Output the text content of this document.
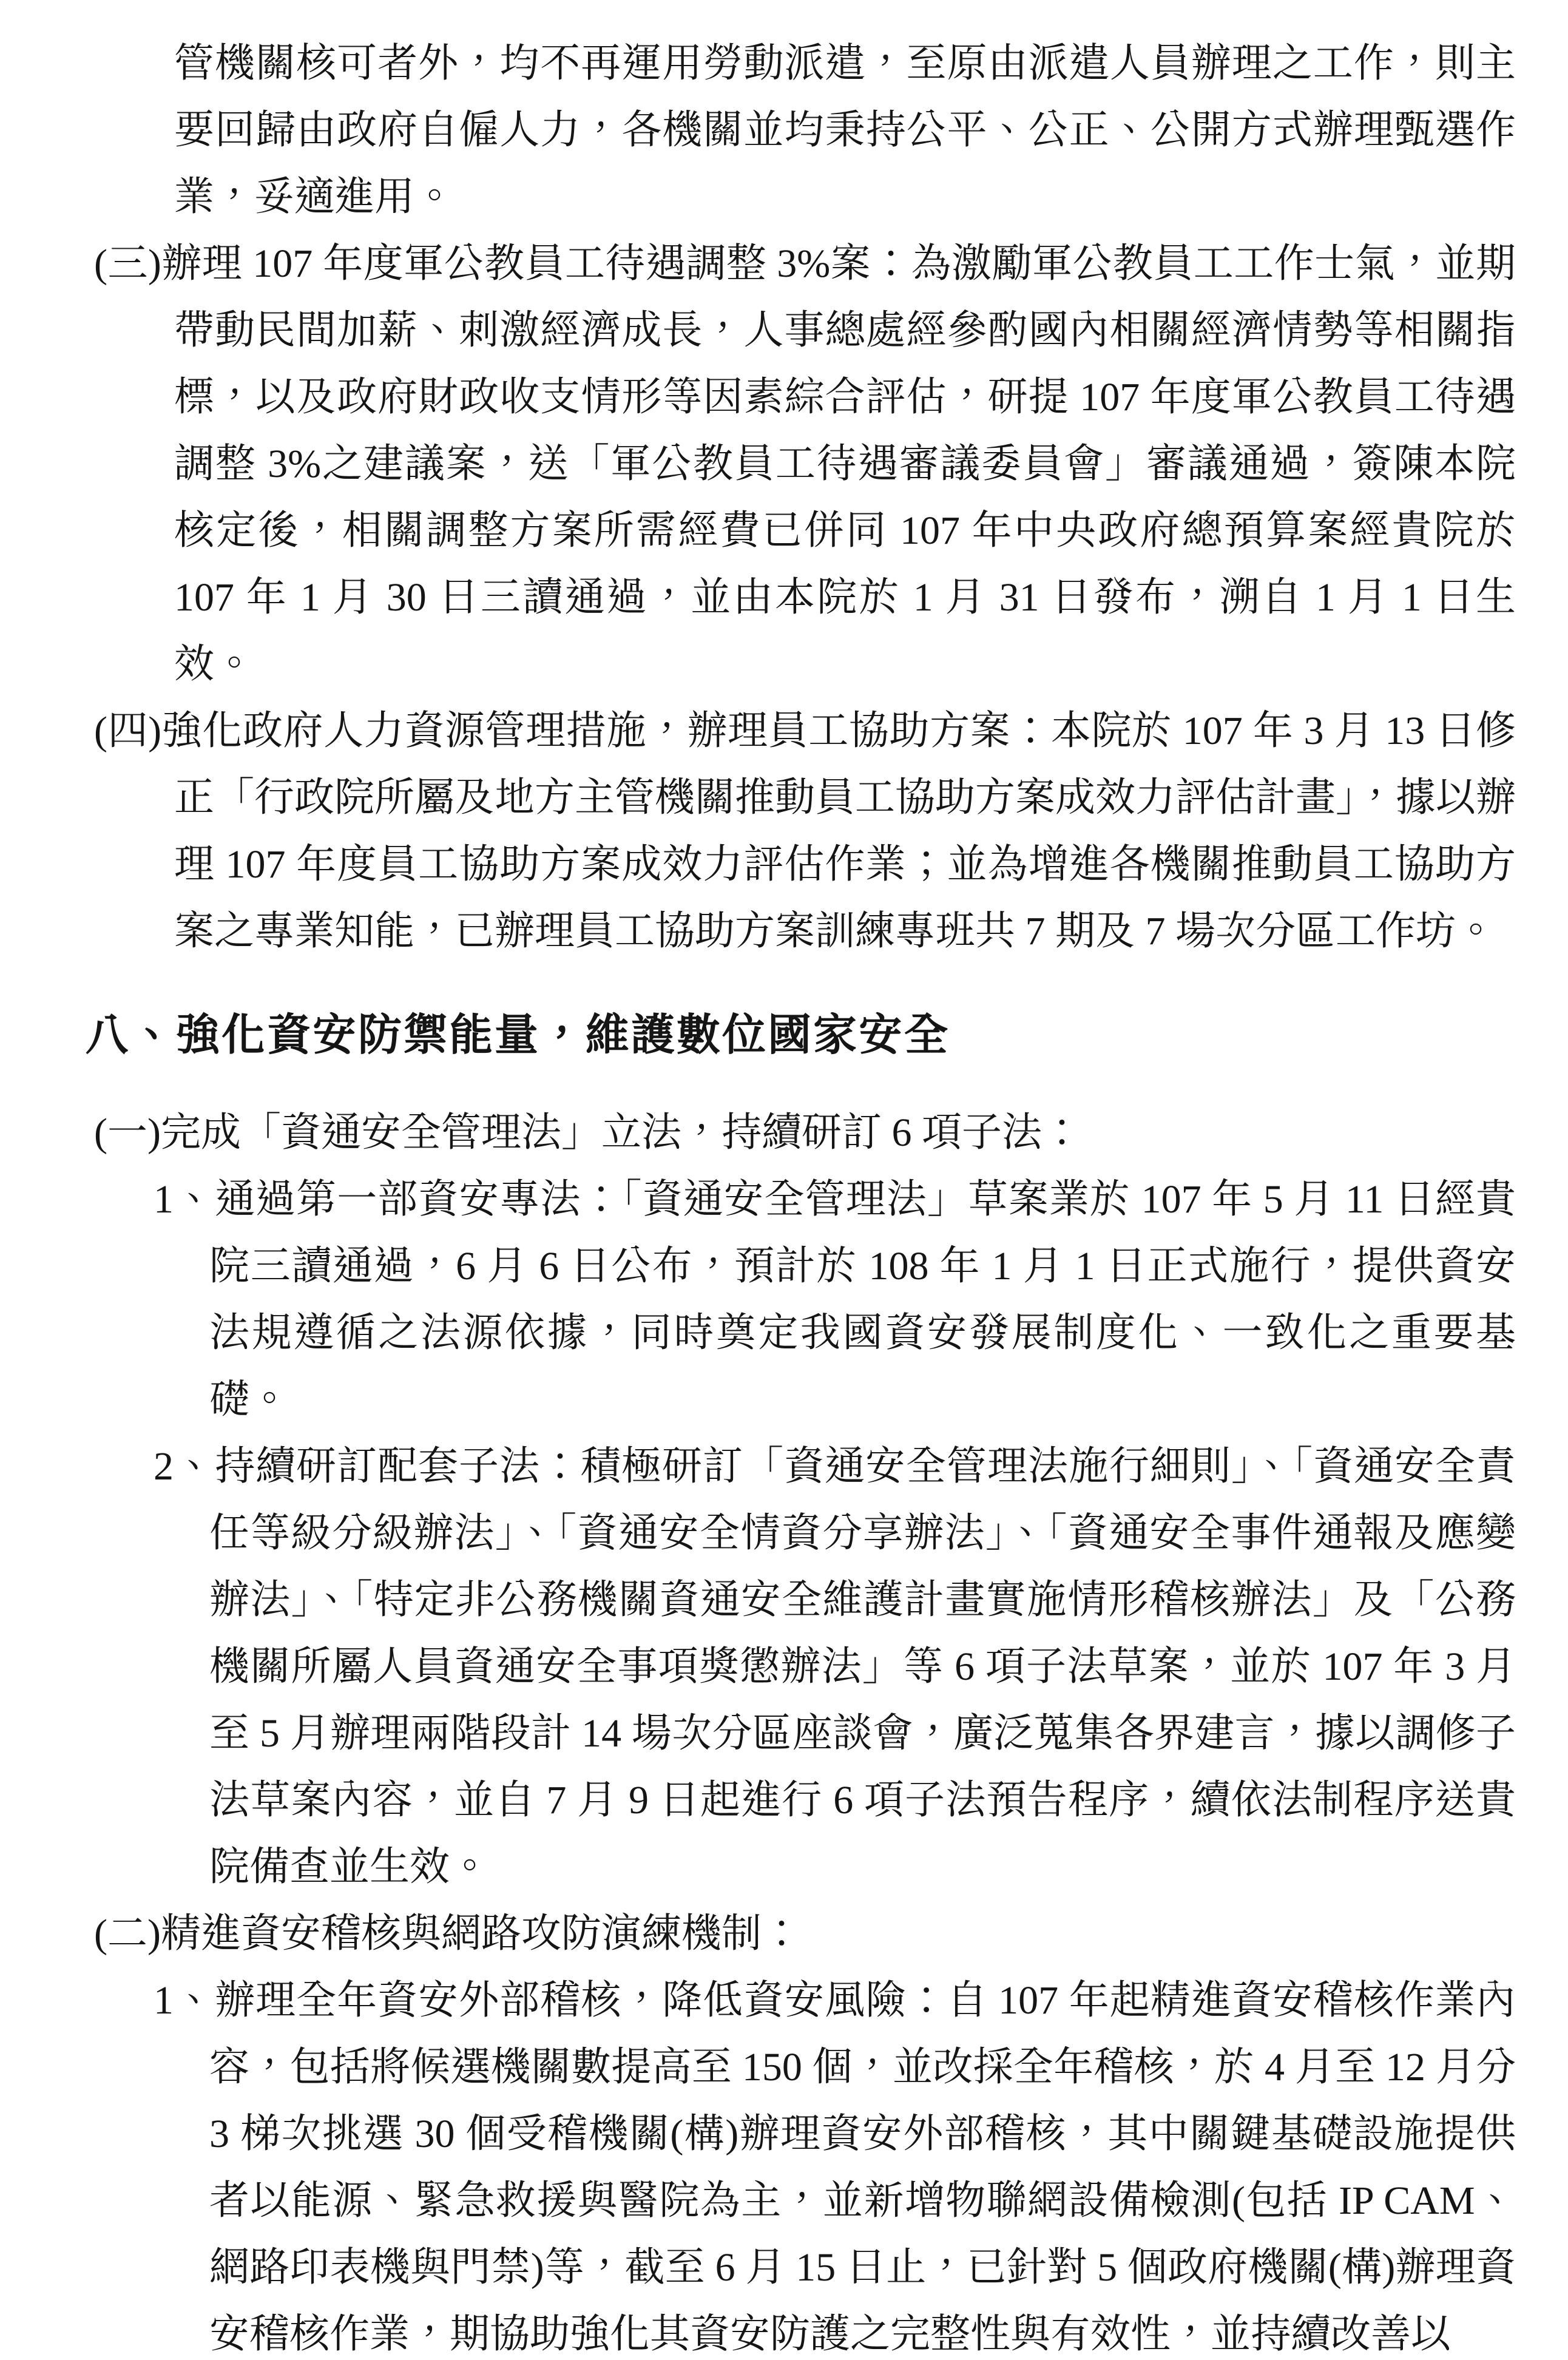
管機關核可者外，均不再運用勞動派遣，至原由派遣人員辦理之工作，則主要回歸由政府自僱人力，各機關並均秉持公平、公正、公開方式辦理甄選作業，妥適進用。

(三)辦理 107 年度軍公教員工待遇調整 3%案：為激勵軍公教員工工作士氣，並期帶動民間加薪、刺激經濟成長，人事總處經參酌國內相關經濟情勢等相關指標，以及政府財政收支情形等因素綜合評估，研提 107 年度軍公教員工待遇調整 3%之建議案，送「軍公教員工待遇審議委員會」審議通過，簽陳本院核定後，相關調整方案所需經費已併同 107 年中央政府總預算案經貴院於 107 年 1 月 30 日三讀通過，並由本院於 1 月 31 日發布，溯自 1 月 1 日生效。

(四)強化政府人力資源管理措施，辦理員工協助方案：本院於 107 年 3 月 13 日修正「行政院所屬及地方主管機關推動員工協助方案成效力評估計畫」，據以辦理 107 年度員工協助方案成效力評估作業；並為增進各機關推動員工協助方案之專業知能，已辦理員工協助方案訓練專班共 7 期及 7 場次分區工作坊。

八、強化資安防禦能量，維護數位國家安全

(一)完成「資通安全管理法」立法，持續研訂 6 項子法：

1、通過第一部資安專法：「資通安全管理法」草案業於 107 年 5 月 11 日經貴院三讀通過，6 月 6 日公布，預計於 108 年 1 月 1 日正式施行，提供資安法規遵循之法源依據，同時奠定我國資安發展制度化、一致化之重要基礎。

2、持續研訂配套子法：積極研訂「資通安全管理法施行細則」、「資通安全責任等級分級辦法」、「資通安全情資分享辦法」、「資通安全事件通報及應變辦法」、「特定非公務機關資通安全維護計畫實施情形稽核辦法」及「公務機關所屬人員資通安全事項獎懲辦法」等 6 項子法草案，並於 107 年 3 月至 5 月辦理兩階段計 14 場次分區座談會，廣泛蒐集各界建言，據以調修子法草案內容，並自 7 月 9 日起進行 6 項子法預告程序，續依法制程序送貴院備查並生效。

(二)精進資安稽核與網路攻防演練機制：

1、辦理全年資安外部稽核，降低資安風險：自 107 年起精進資安稽核作業內容，包括將候選機關數提高至 150 個，並改採全年稽核，於 4 月至 12 月分 3 梯次挑選 30 個受稽機關(構)辦理資安外部稽核，其中關鍵基礎設施提供者以能源、緊急救援與醫院為主，並新增物聯網設備檢測(包括 IP CAM、網路印表機與門禁)等，截至 6 月 15 日止，已針對 5 個政府機關(構)辦理資安稽核作業，期協助強化其資安防護之完整性與有效性，並持續改善以
